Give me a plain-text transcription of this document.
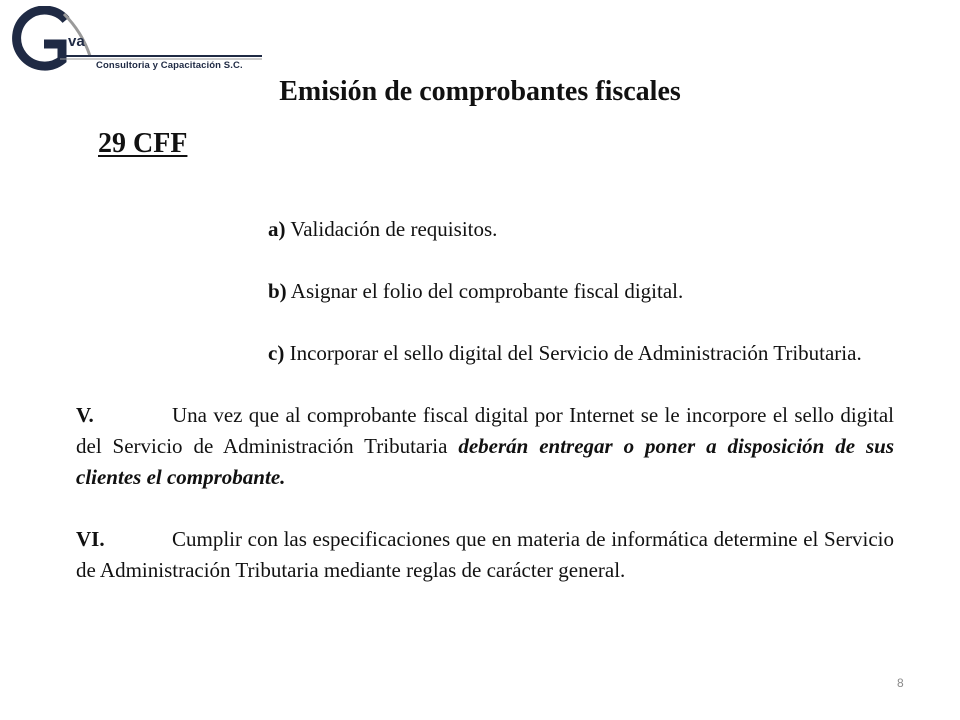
va
Consultoria y Capacitación S.C.
Emisión de comprobantes fiscales
29 CFF

a) Validación de requisitos.

b) Asignar el folio del comprobante fiscal digital.

c) Incorporar el sello digital del Servicio de Administración Tributaria.

V.	Una vez que al comprobante fiscal digital por Internet se le incorpore el sello digital del Servicio de Administración Tributaria deberán entregar o poner a disposición de sus clientes el comprobante.

VI.	Cumplir con las especificaciones que en materia de informática determine el Servicio de Administración Tributaria mediante reglas de carácter general.

8
